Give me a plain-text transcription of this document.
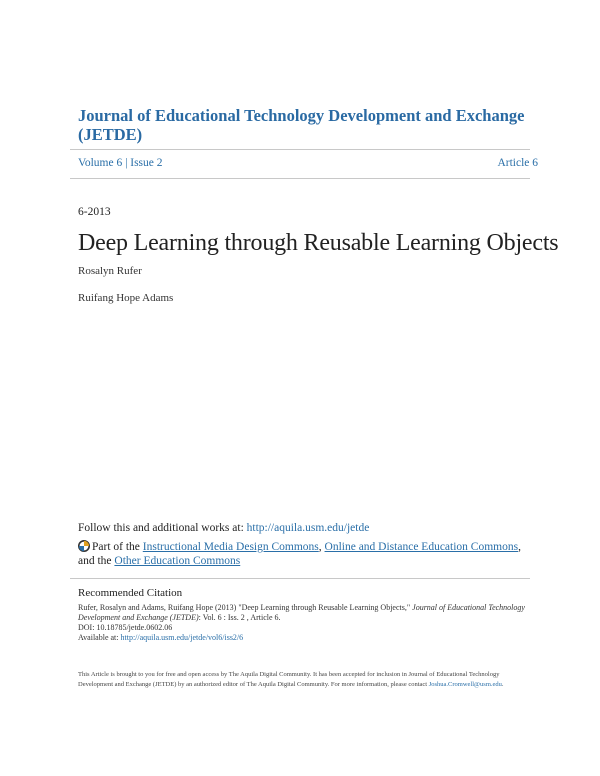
Journal of Educational Technology Development and Exchange (JETDE)
Volume 6 | Issue 2	Article 6
6-2013
Deep Learning through Reusable Learning Objects
Rosalyn Rufer
Ruifang Hope Adams
Follow this and additional works at: http://aquila.usm.edu/jetde
Part of the Instructional Media Design Commons, Online and Distance Education Commons, and the Other Education Commons
Recommended Citation
Rufer, Rosalyn and Adams, Ruifang Hope (2013) "Deep Learning through Reusable Learning Objects," Journal of Educational Technology Development and Exchange (JETDE): Vol. 6 : Iss. 2 , Article 6.
DOI: 10.18785/jetde.0602.06
Available at: http://aquila.usm.edu/jetde/vol6/iss2/6
This Article is brought to you for free and open access by The Aquila Digital Community. It has been accepted for inclusion in Journal of Educational Technology Development and Exchange (JETDE) by an authorized editor of The Aquila Digital Community. For more information, please contact Joshua.Cromwell@usm.edu.
